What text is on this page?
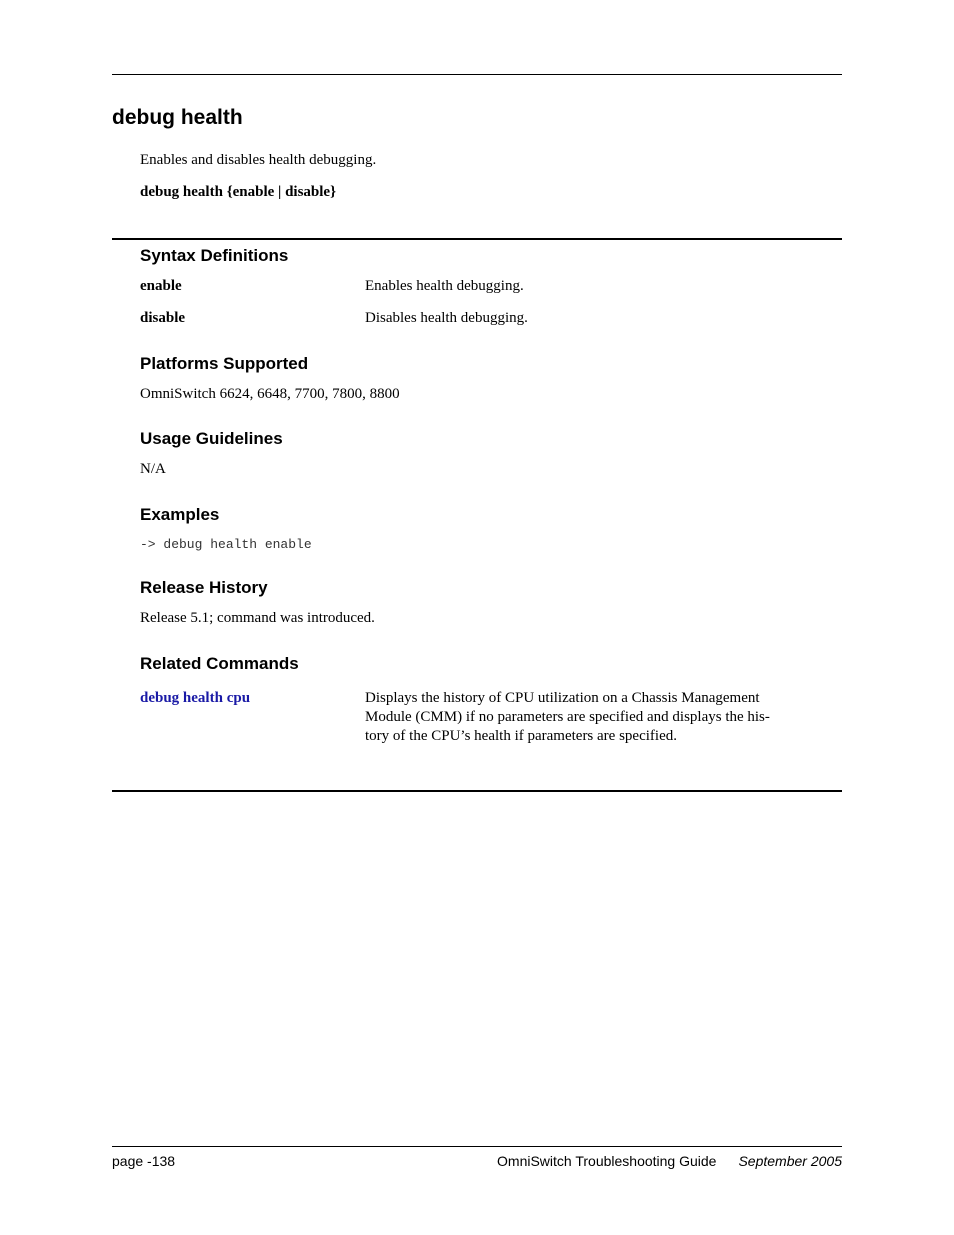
debug health

Enables and disables health debugging.

debug health {enable | disable}

Syntax Definitions

enable	Enables health debugging.

disable	Disables health debugging.

Platforms Supported

OmniSwitch 6624, 6648, 7700, 7800, 8800

Usage Guidelines

N/A

Examples

-> debug health enable

Release History

Release 5.1; command was introduced.

Related Commands

debug health cpu	Displays the history of CPU utilization on a Chassis Management
Module (CMM) if no parameters are specified and displays the his-
tory of the CPU’s health if parameters are specified.

page -138	OmniSwitch Troubleshooting Guide September 2005
